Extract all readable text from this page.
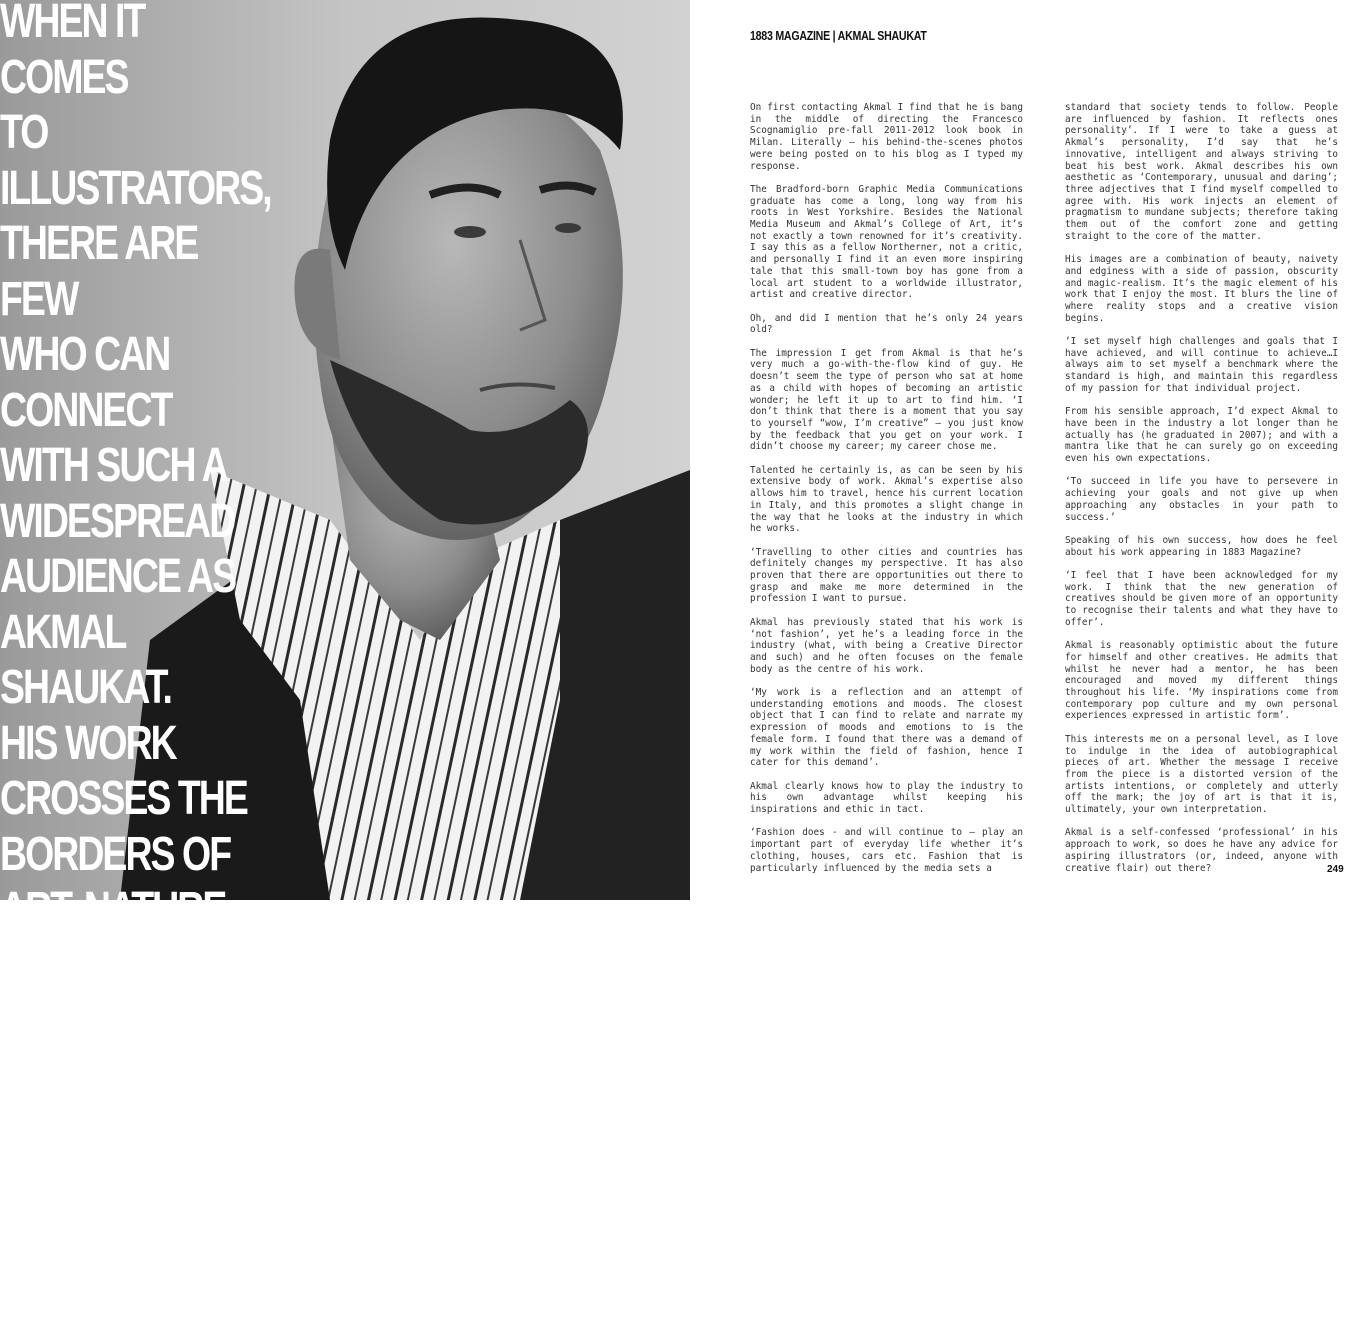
WHEN IT COMES
TO ILLUSTRATORS,
THERE ARE FEW
WHO CAN CONNECT
WITH SUCH A
WIDESPREAD
AUDIENCE AS
AKMAL SHAUKAT.
HIS WORK
CROSSES THE
BORDERS OF
ART, NATURE
AND FASHION
WITH SEDUCTIVE
UNDERTONES AND
A STREET-EDGE.
1883 MAGAZINE | AKMAL SHAUKAT

On first contacting Akmal I find that he is bang in the middle of directing the Francesco Scognamiglio pre-fall 2011-2012 look book in Milan. Literally — his behind-the-scenes photos were being posted on to his blog as I typed my response.

The Bradford-born Graphic Media Communications graduate has come a long, long way from his roots in West Yorkshire. Besides the National Media Museum and Akmal’s College of Art, it’s not exactly a town renowned for it’s creativity. I say this as a fellow Northerner, not a critic, and personally I find it an even more inspiring tale that this small-town boy has gone from a local art student to a worldwide illustrator, artist and creative director.

Oh, and did I mention that he’s only 24 years old?

The impression I get from Akmal is that he’s very much a go-with-the-flow kind of guy. He doesn’t seem the type of person who sat at home as a child with hopes of becoming an artistic wonder; he left it up to art to find him. ‘I don’t think that there is a moment that you say to yourself “wow, I’m creative” — you just know by the feedback that you get on your work. I didn’t choose my career; my career chose me.

Talented he certainly is, as can be seen by his extensive body of work. Akmal’s expertise also allows him to travel, hence his current location in Italy, and this promotes a slight change in the way that he looks at the industry in which he works.

‘Travelling to other cities and countries has definitely changes my perspective. It has also proven that there are opportunities out there to grasp and make me more determined in the profession I want to pursue.

Akmal has previously stated that his work is ‘not fashion’, yet he’s a leading force in the industry (what, with being a Creative Director and such) and he often focuses on the female body as the centre of his work.

‘My work is a reflection and an attempt of understanding emotions and moods. The closest object that I can find to relate and narrate my expression of moods and emotions to is the female form. I found that there was a demand of my work within the field of fashion, hence I cater for this demand’.

Akmal clearly knows how to play the industry to his own advantage whilst keeping his inspirations and ethic in tact.

‘Fashion does - and will continue to — play an important part of everyday life whether it’s clothing, houses, cars etc. Fashion that is particularly influenced by the media sets a

standard that society tends to follow. People are influenced by fashion. It reflects ones personality’. If I were to take a guess at Akmal’s personality, I’d say that he’s innovative, intelligent and always striving to beat his best work. Akmal describes his own aesthetic as ‘Contemporary, unusual and daring’; three adjectives that I find myself compelled to agree with. His work injects an element of pragmatism to mundane subjects; therefore taking them out of the comfort zone and getting straight to the core of the matter.

His images are a combination of beauty, naivety and edginess with a side of passion, obscurity and magic-realism. It’s the magic element of his work that I enjoy the most. It blurs the line of where reality stops and a creative vision begins.

‘I set myself high challenges and goals that I have achieved, and will continue to achieve…I always aim to set myself a benchmark where the standard is high, and maintain this regardless of my passion for that individual project.

From his sensible approach, I’d expect Akmal to have been in the industry a lot longer than he actually has (he graduated in 2007); and with a mantra like that he can surely go on exceeding even his own expectations.

‘To succeed in life you have to persevere in achieving your goals and not give up when approaching any obstacles in your path to success.’

Speaking of his own success, how does he feel about his work appearing in 1883 Magazine?

‘I feel that I have been acknowledged for my work. I think that the new generation of creatives should be given more of an opportunity to recognise their talents and what they have to offer’.

Akmal is reasonably optimistic about the future for himself and other creatives. He admits that whilst he never had a mentor, he has been encouraged and moved my different things throughout his life. ‘My inspirations come from contemporary pop culture and my own personal experiences expressed in artistic form’.

This interests me on a personal level, as I love to indulge in the idea of autobiographical pieces of art. Whether the message I receive from the piece is a distorted version of the artists intentions, or completely and utterly off the mark; the joy of art is that it is, ultimately, your own interpretation.

Akmal is a self-confessed ‘professional’ in his approach to work, so does he have any advice for aspiring illustrators (or, indeed, anyone with creative flair) out there?	249
